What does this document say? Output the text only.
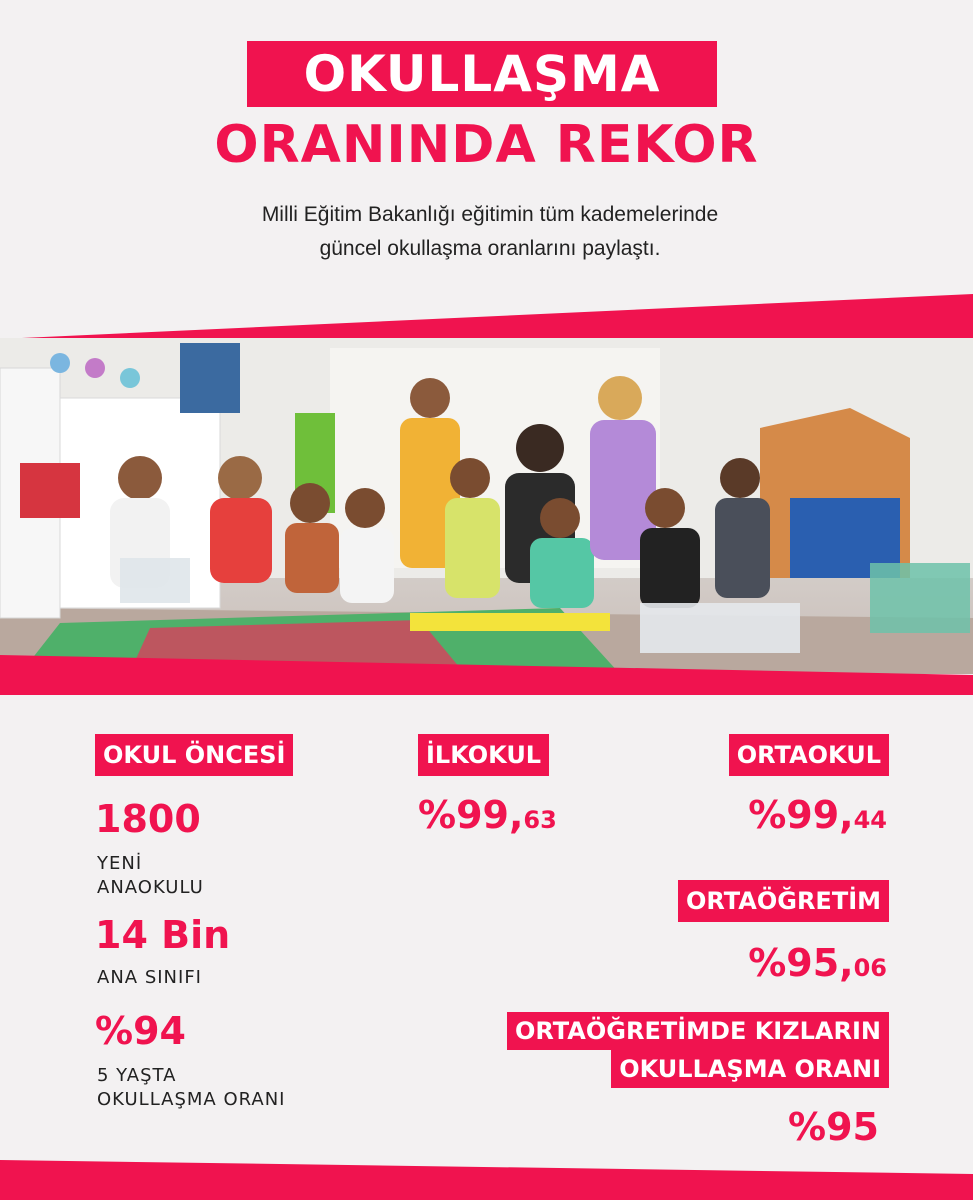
OKULLAŞMA
ORANINDA REKOR
Milli Eğitim Bakanlığı eğitimin tüm kademelerinde
güncel okullaşma oranlarını paylaştı.
OKUL ÖNCESİ
1800
YENİ
ANAOKULU
14 Bin
ANA SINIFI
%94
5 YAŞTA
OKULLAŞMA ORANI
İLKOKUL
%99,63
ORTAOKUL
%99,44
ORTAÖĞRETİM
%95,06
ORTAÖĞRETİMDE KIZLARIN
OKULLAŞMA ORANI
%95
